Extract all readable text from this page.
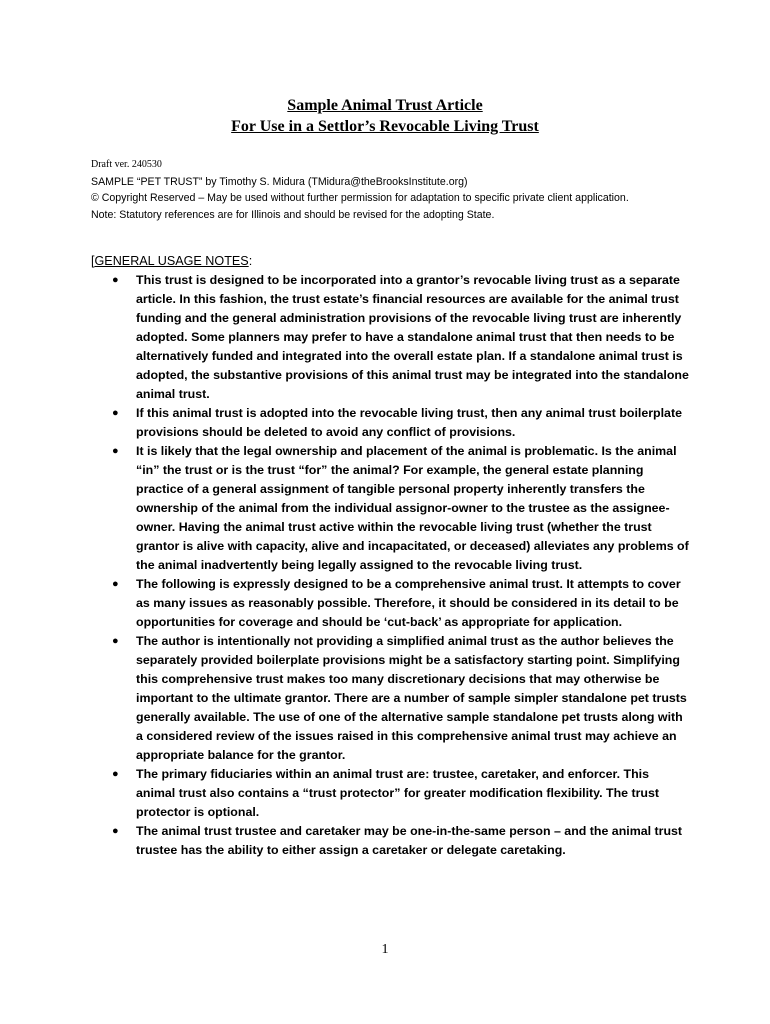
Sample Animal Trust Article
For Use in a Settlor’s Revocable Living Trust
Draft ver. 240530
SAMPLE “PET TRUST” by Timothy S. Midura (TMidura@theBrooksInstitute.org)
© Copyright Reserved – May be used without further permission for adaptation to specific private client application.
Note: Statutory references are for Illinois and should be revised for the adopting State.
[GENERAL USAGE NOTES:
● This trust is designed to be incorporated into a grantor’s revocable living trust as a separate article. In this fashion, the trust estate’s financial resources are available for the animal trust funding and the general administration provisions of the revocable living trust are inherently adopted. Some planners may prefer to have a standalone animal trust that then needs to be alternatively funded and integrated into the overall estate plan. If a standalone animal trust is adopted, the substantive provisions of this animal trust may be integrated into the standalone animal trust.
● If this animal trust is adopted into the revocable living trust, then any animal trust boilerplate provisions should be deleted to avoid any conflict of provisions.
● It is likely that the legal ownership and placement of the animal is problematic. Is the animal “in” the trust or is the trust “for” the animal? For example, the general estate planning practice of a general assignment of tangible personal property inherently transfers the ownership of the animal from the individual assignor-owner to the trustee as the assignee-owner. Having the animal trust active within the revocable living trust (whether the trust grantor is alive with capacity, alive and incapacitated, or deceased) alleviates any problems of the animal inadvertently being legally assigned to the revocable living trust.
● The following is expressly designed to be a comprehensive animal trust. It attempts to cover as many issues as reasonably possible. Therefore, it should be considered in its detail to be opportunities for coverage and should be ‘cut-back’ as appropriate for application.
● The author is intentionally not providing a simplified animal trust as the author believes the separately provided boilerplate provisions might be a satisfactory starting point. Simplifying this comprehensive trust makes too many discretionary decisions that may otherwise be important to the ultimate grantor. There are a number of sample simpler standalone pet trusts generally available. The use of one of the alternative sample standalone pet trusts along with a considered review of the issues raised in this comprehensive animal trust may achieve an appropriate balance for the grantor.
● The primary fiduciaries within an animal trust are: trustee, caretaker, and enforcer. This animal trust also contains a “trust protector” for greater modification flexibility. The trust protector is optional.
● The animal trust trustee and caretaker may be one-in-the-same person – and the animal trust trustee has the ability to either assign a caretaker or delegate caretaking.
1
